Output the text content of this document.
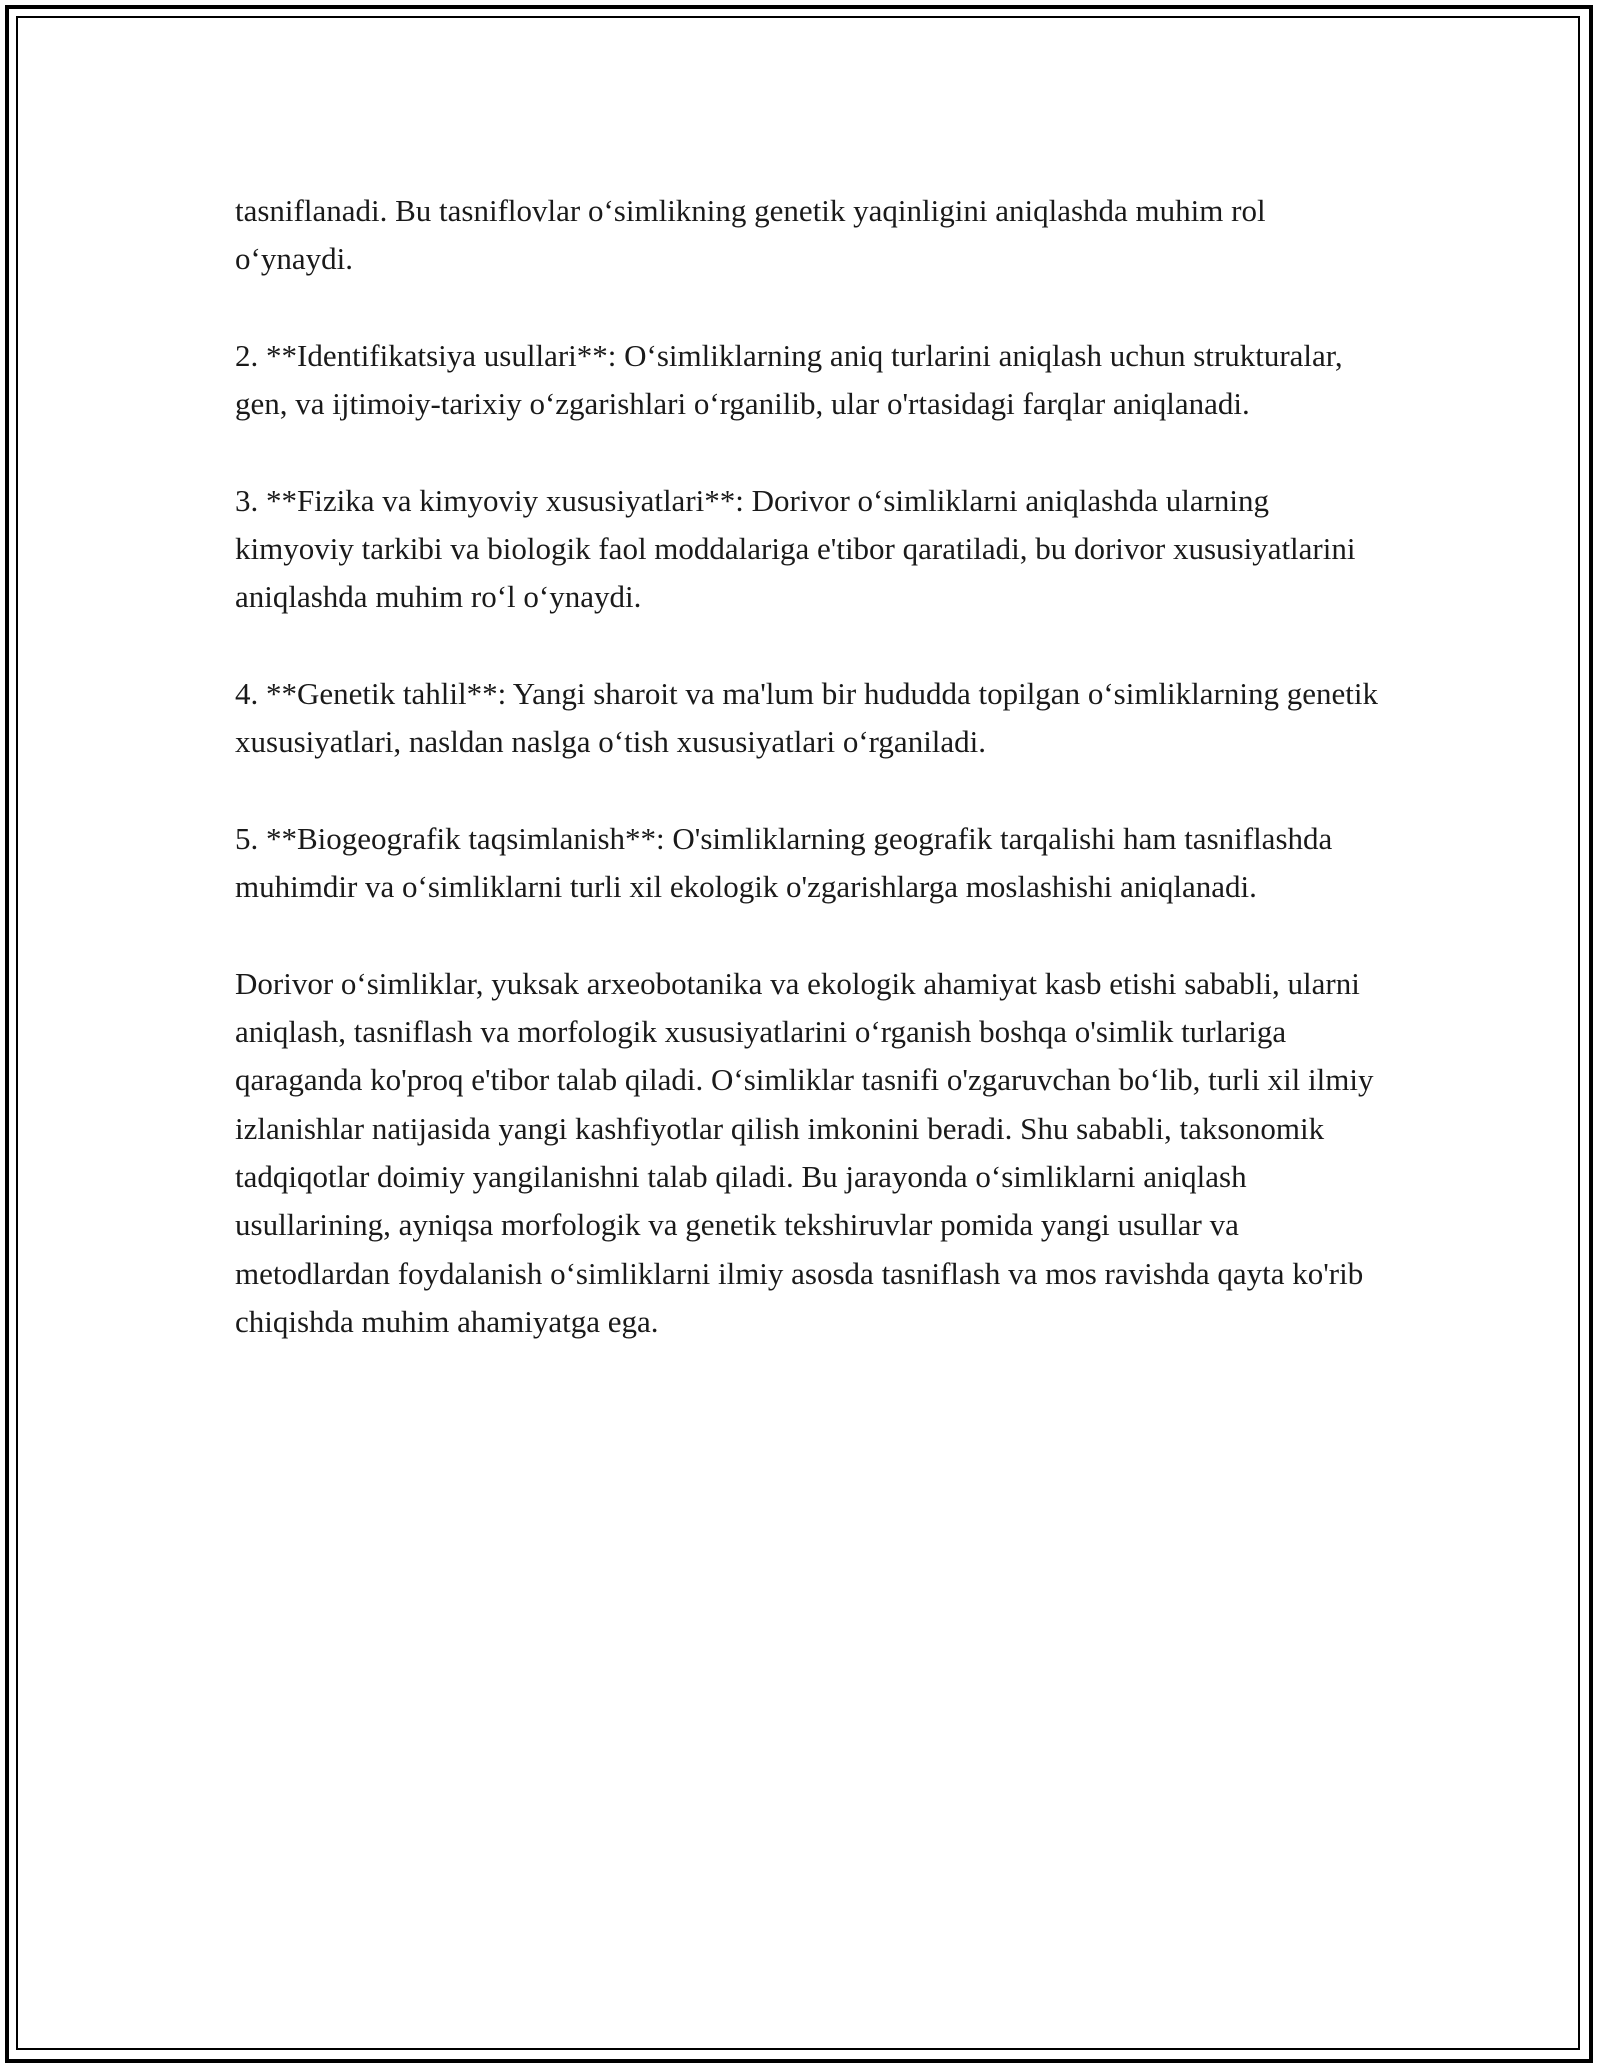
tasniflanadi. Bu tasniflovlar o‘simlikning genetik yaqinligini aniqlashda muhim rol o‘ynaydi.

2. **Identifikatsiya usullari**: O‘simliklarning aniq turlarini aniqlash uchun strukturalar, gen, va ijtimoiy-tarixiy o‘zgarishlari o‘rganilib, ular o'rtasidagi farqlar aniqlanadi.

3. **Fizika va kimyoviy xususiyatlari**: Dorivor o‘simliklarni aniqlashda ularning kimyoviy tarkibi va biologik faol moddalariga e'tibor qaratiladi, bu dorivor xususiyatlarini aniqlashda muhim ro‘l o‘ynaydi.

4. **Genetik tahlil**: Yangi sharoit va ma'lum bir hududda topilgan o‘simliklarning genetik xususiyatlari, nasldan naslga o‘tish xususiyatlari o‘rganiladi.

5. **Biogeografik taqsimlanish**: O'simliklarning geografik tarqalishi ham tasniflashda muhimdir va o‘simliklarni turli xil ekologik o'zgarishlarga moslashishi aniqlanadi.

Dorivor o‘simliklar, yuksak arxeobotanika va ekologik ahamiyat kasb etishi sababli, ularni aniqlash, tasniflash va morfologik xususiyatlarini o‘rganish boshqa o'simlik turlariga qaraganda ko'proq e'tibor talab qiladi. O‘simliklar tasnifi o'zgaruvchan bo‘lib, turli xil ilmiy izlanishlar natijasida yangi kashfiyotlar qilish imkonini beradi. Shu sababli, taksonomik tadqiqotlar doimiy yangilanishni talab qiladi. Bu jarayonda o‘simliklarni aniqlash usullarining, ayniqsa morfologik va genetik tekshiruvlar pomida yangi usullar va metodlardan foydalanish o‘simliklarni ilmiy asosda tasniflash va mos ravishda qayta ko'rib chiqishda muhim ahamiyatga ega.
